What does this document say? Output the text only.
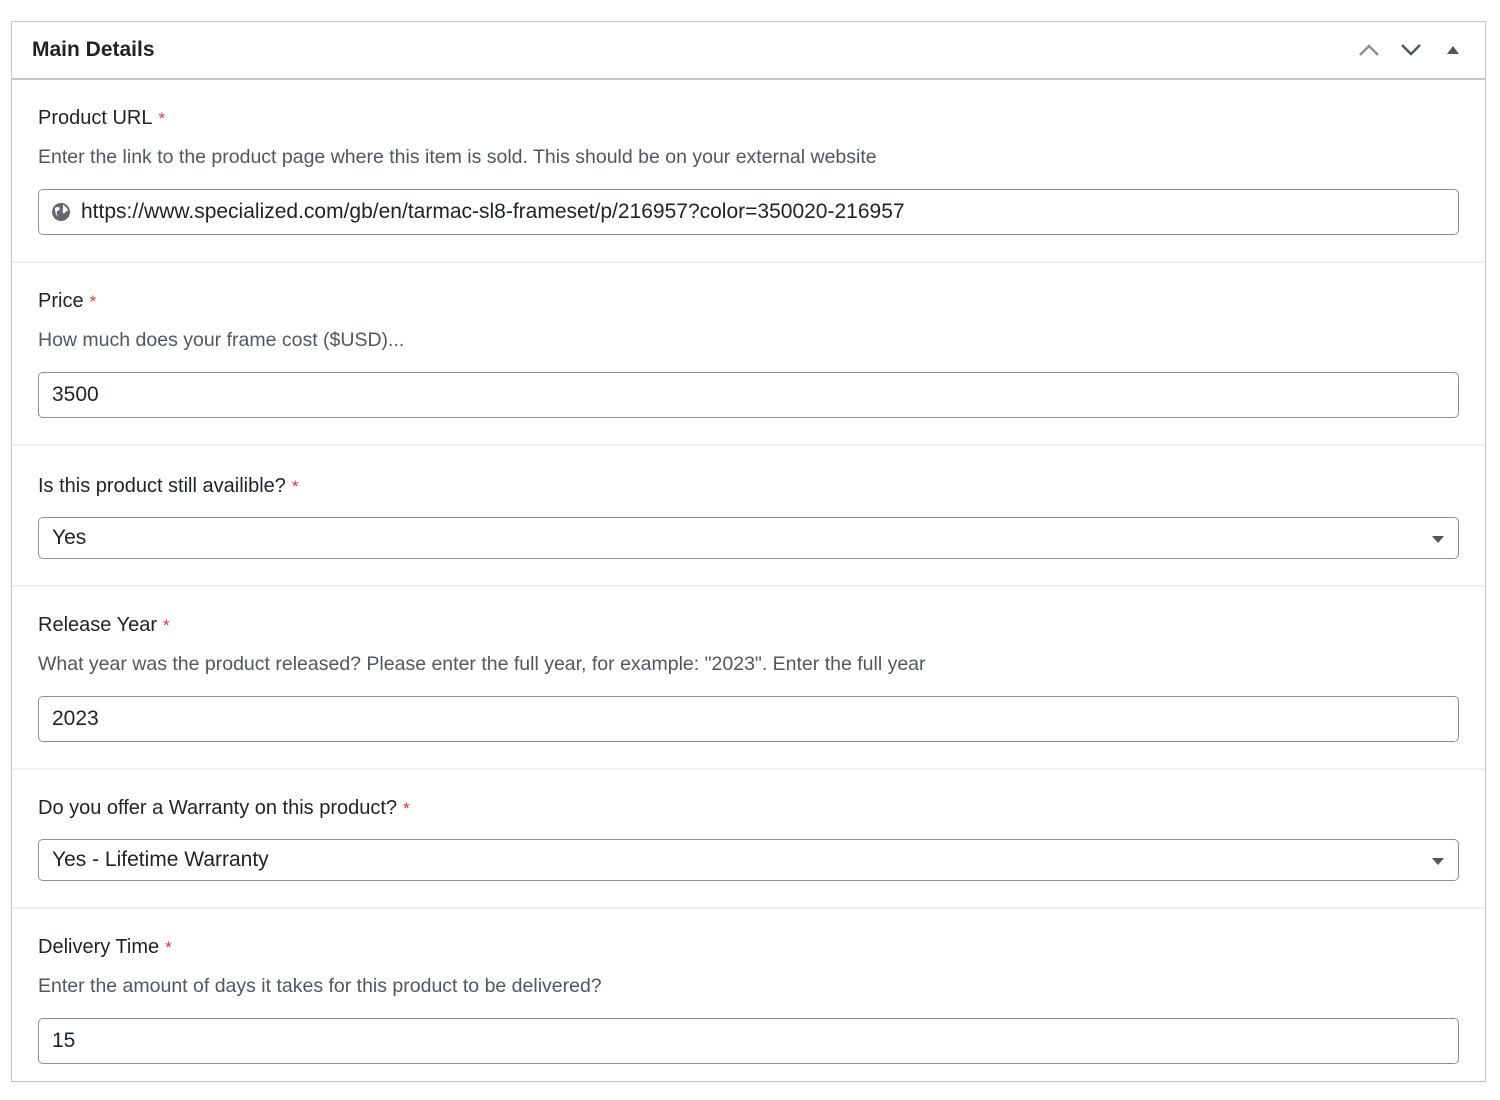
Main Details
Product URL *
Enter the link to the product page where this item is sold. This should be on your external website
https://www.specialized.com/gb/en/tarmac-sl8-frameset/p/216957?color=350020-216957
Price *
How much does your frame cost ($USD)...
3500
Is this product still availible? *
Yes
Release Year *
What year was the product released? Please enter the full year, for example: "2023". Enter the full year
2023
Do you offer a Warranty on this product? *
Yes - Lifetime Warranty
Delivery Time *
Enter the amount of days it takes for this product to be delivered?
15
